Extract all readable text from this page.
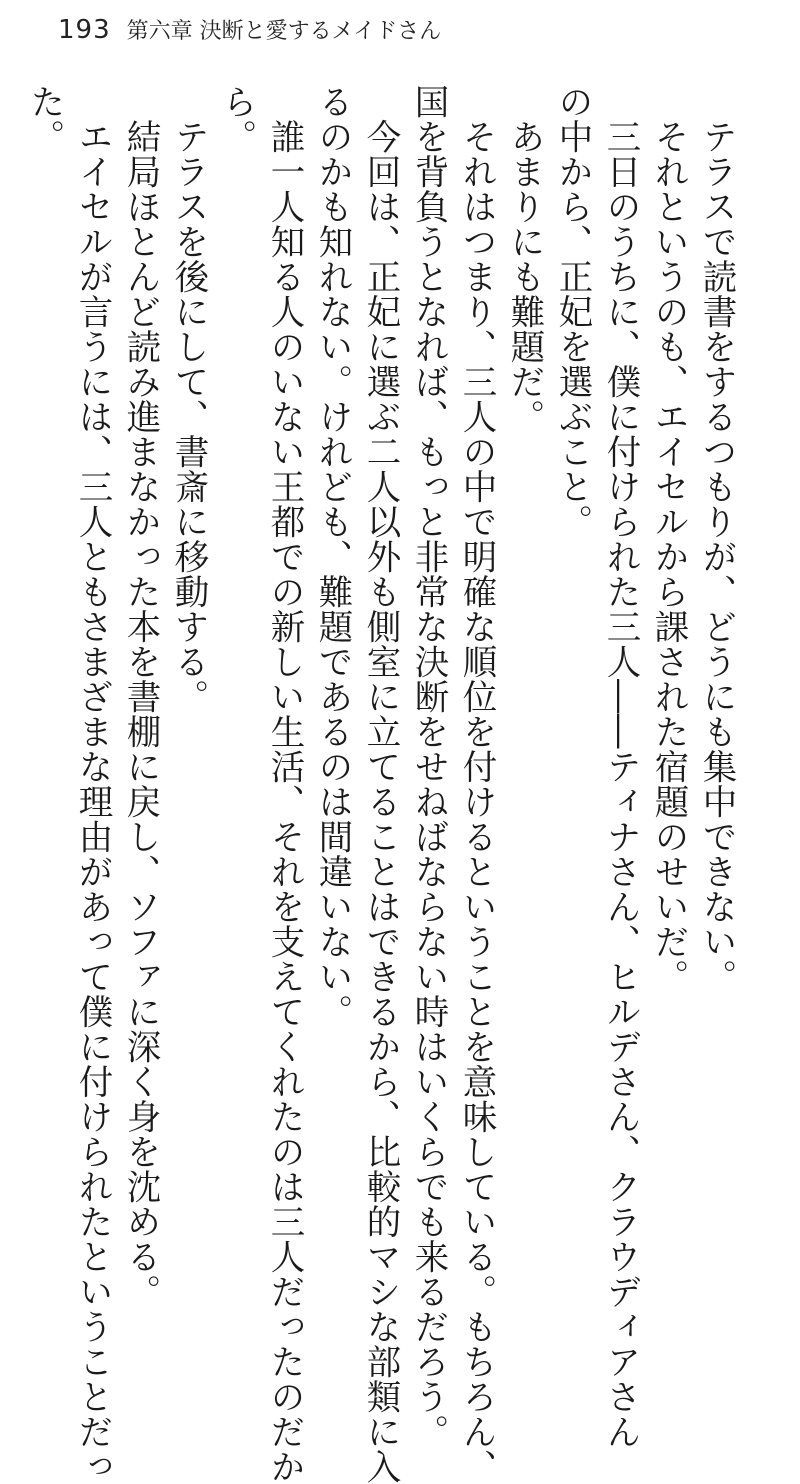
193 第六章 決断と愛するメイドさん
　テラスで読書をするつもりが、どうにも集中できない。
　それというのも、エイセルから課された宿題のせいだ。
　三日のうちに、僕に付けられた三人――ティナさん、ヒルデさん、クラウディアさん
の中から、正妃を選ぶこと。
　あまりにも難題だ。
　それはつまり、三人の中で明確な順位を付けるということを意味している。もちろん、
国を背負うとなれば、もっと非常な決断をせねばならない時はいくらでも来るだろう。
　今回は、正妃に選ぶ二人以外も側室に立てることはできるから、比較的マシな部類に入
るのかも知れない。けれども、難題であるのは間違いない。
　誰一人知る人のいない王都での新しい生活、それを支えてくれたのは三人だったのだか
ら。
　テラスを後にして、書斎に移動する。
　結局ほとんど読み進まなかった本を書棚に戻し、ソファに深く身を沈める。
　エイセルが言うには、三人ともさまざまな理由があって僕に付けられたということだっ
た。
